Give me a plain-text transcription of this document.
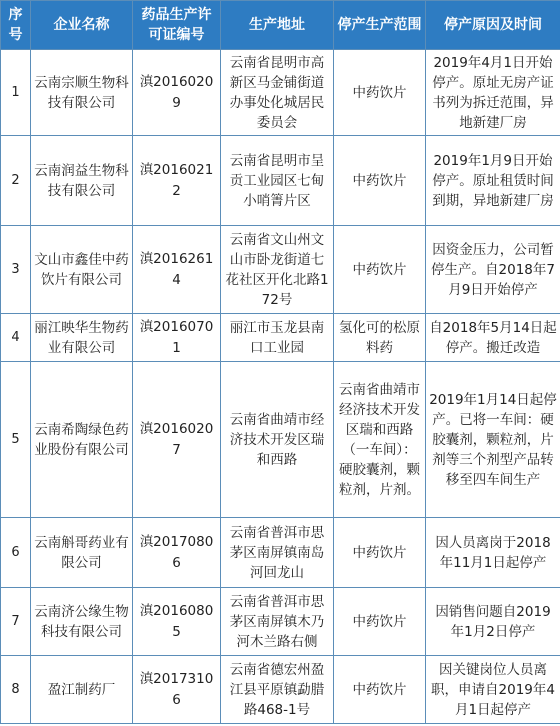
序号	企业名称	药品生产许可证编号	生产地址	停产生产范围	停产原因及时间
1	云南宗顺生物科技有限公司	滇20160209	云南省昆明市高新区马金铺街道办事处化城居民委员会	中药饮片	2019年4月1日开始停产。原址无房产证书列为拆迁范围，异地新建厂房
2	云南润益生物科技有限公司	滇20160212	云南省昆明市呈贡工业园区七甸小哨箐片区	中药饮片	2019年1月9日开始停产。原址租赁时间到期，异地新建厂房
3	文山市鑫佳中药饮片有限公司	滇20162614	云南省文山州文山市卧龙街道七花社区开化北路172号	中药饮片	因资金压力，公司暂停生产。自2018年7月9日开始停产
4	丽江映华生物药业有限公司	滇20160701	丽江市玉龙县南口工业园	氢化可的松原料药	自2018年5月14日起停产。搬迁改造
5	云南希陶绿色药业股份有限公司	滇20160207	云南省曲靖市经济技术开发区瑞和西路	云南省曲靖市经济技术开发区瑞和西路（一车间）：硬胶囊剂，颗粒剂，片剂。	2019年1月14日起停产。已将一车间：硬胶囊剂，颗粒剂，片剂等三个剂型产品转移至四车间生产
6	云南斛哥药业有限公司	滇20170806	云南省普洱市思茅区南屏镇南岛河回龙山	中药饮片	因人员离岗于2018年11月1日起停产
7	云南济公缘生物科技有限公司	滇20160805	云南省普洱市思茅区南屏镇木乃河木兰路右侧	中药饮片	因销售问题自2019年1月2日停产
8	盈江制药厂	滇20173106	云南省德宏州盈江县平原镇勐腊路468-1号	中药饮片	因关键岗位人员离职，申请自2019年4月1日起停产
